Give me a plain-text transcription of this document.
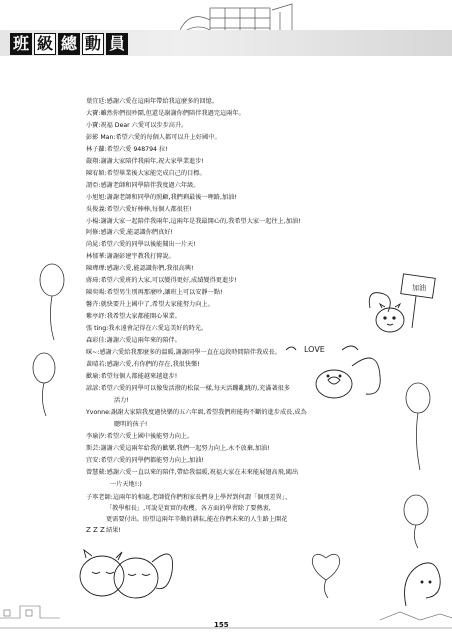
班 級 總 動 員
葉宜廷:感謝六愛在這兩年帶給我這麼多的回憶。
大寶:雖然你們很吵鬧,但還是謝謝你們陪伴我過完這兩年。
小寶:祝福 Dear 六愛可以步步高升。
彭影 Man:希望六愛的每個人都可以升上好國中。
林子蘿:希望六愛 948794 拉!
嚴翔:謝謝大家陪伴我兩年,祝大家學業進步!
陳宥穎:希望畢業後大家能完成自己的目標。
謂亞:感謝老師和同學陪伴我度過六年級。
小旭旭:謝謝老師和同學的照顧,我們剩最後一哩路,加油!
吳俊義:希望六愛好棒棒,每個人都很狂!
小楊:謝謝大家一起陪伴我兩年,這兩年是我最開心的,我希望大家一起往上,加油!
阿修:感謝六愛,能認識你們真好!
尚晁:希望六愛的同學以後能聞出一片天!
林郁華:謝謝彭建宇教我打傳說。
陳瑋瑋:感謝六愛,能認識你們,我很高興!
蔣琦:希望六愛班的大家,可以變得更好,成績變得更進步!
陳奕暘:希望男生別再那麼吵,讓班上可以安靜一點!
馨卉:就快要升上國中了,希望大家能努力向上。
紫亭紓:我希望大家都能開心畢業。
張 ting:我永遠會記得在六愛這美好的時光。
森彩佳:謝謝六愛這兩年來的陪伴。
咪~:感謝六愛給我那麼多的溫暖,謝謝同學一直在這段時間陪伴我成長。
黃晴若:感謝六愛,有你們的存在,我很快樂!
歡瑜:希望每個人都能越來越進步!
諺諺:希望六愛的同學可以像隻活潑的松鼠一樣,每天活蹦亂跳的,充滿著很多
活力!
Yvonne:謝謝大家陪我度過快樂的五六年級,希望我們班能夠不斷的進步成長,成為
聰明的孩子!
李瑜汐:希望六愛上國中後能努力向上。
斯芸:謝謝六愛這兩年給我的歡樂,我們一起努力向上,永不放棄,加油!
宜安:希望六愛的同學們都能努力向上,加油!
曾慧葳:感謝六愛一直以來的陪伴,帶給我溫暖,祝福大家在未來能展翅高飛,闖出
一片天地!:)
子寧老師:這兩年的相處,老師從你們和家長們身上學習到何謂「個別差異」、
「教學相長」,可說是實實的收穫。各方面的學習除了要熱衷,
更需要付出。盼望這兩年辛勤的耕耘,能在你們未來的人生路上開花
結果!
加油
LOVE
Z Z Z
155
